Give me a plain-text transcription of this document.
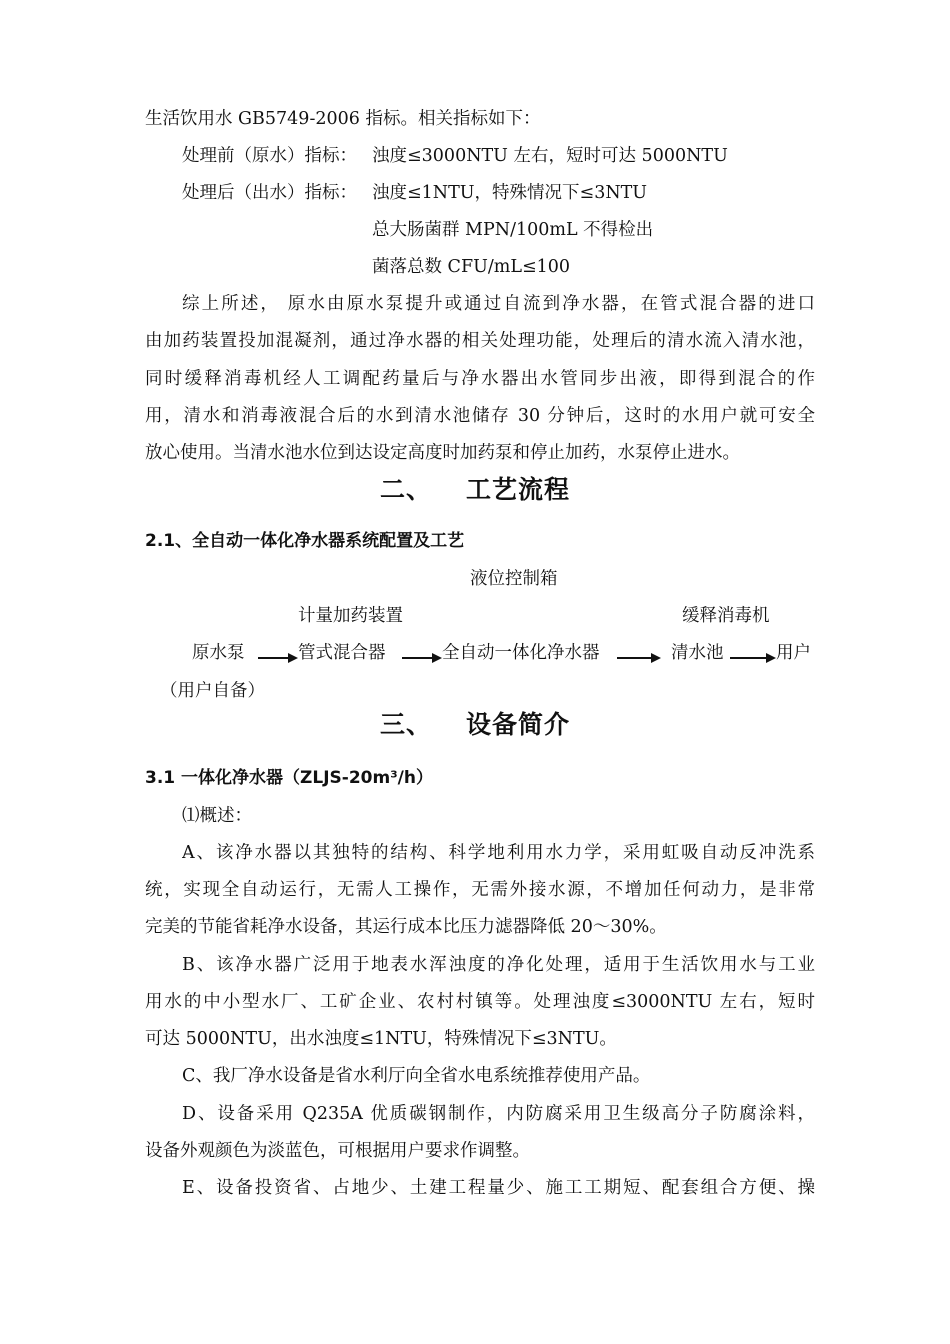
生活饮用水 GB5749-2006 指标。相关指标如下：
处理前（原水）指标： 浊度≤3000NTU 左右，短时可达 5000NTU
处理后（出水）指标： 浊度≤1NTU，特殊情况下≤3NTU
总大肠菌群 MPN/100mL 不得检出
菌落总数 CFU/mL≤100
综上所述， 原水由原水泵提升或通过自流到净水器，在管式混合器的进口
由加药装置投加混凝剂，通过净水器的相关处理功能，处理后的清水流入清水池，
同时缓释消毒机经人工调配药量后与净水器出水管同步出液，即得到混合的作
用，清水和消毒液混合后的水到清水池储存 30 分钟后，这时的水用户就可安全
放心使用。当清水池水位到达设定高度时加药泵和停止加药，水泵停止进水。
二、 工艺流程
2.1、全自动一体化净水器系统配置及工艺
液位控制箱
计量加药装置	缓释消毒机
原水泵	管式混合器	全自动一体化净水器	清水池	用户
（用户自备）
三、 设备简介
3.1 一体化净水器（ZLJS-20m³/h）
⑴概述：
A、该净水器以其独特的结构、科学地利用水力学，采用虹吸自动反冲洗系
统，实现全自动运行，无需人工操作，无需外接水源，不增加任何动力，是非常
完美的节能省耗净水设备，其运行成本比压力滤器降低 20～30%。
B、该净水器广泛用于地表水浑浊度的净化处理，适用于生活饮用水与工业
用水的中小型水厂、工矿企业、农村村镇等。处理浊度≤3000NTU 左右，短时
可达 5000NTU，出水浊度≤1NTU，特殊情况下≤3NTU。
C、我厂净水设备是省水利厅向全省水电系统推荐使用产品。
D、设备采用 Q235A 优质碳钢制作，内防腐采用卫生级高分子防腐涂料，
设备外观颜色为淡蓝色，可根据用户要求作调整。
E、设备投资省、占地少、土建工程量少、施工工期短、配套组合方便、操
